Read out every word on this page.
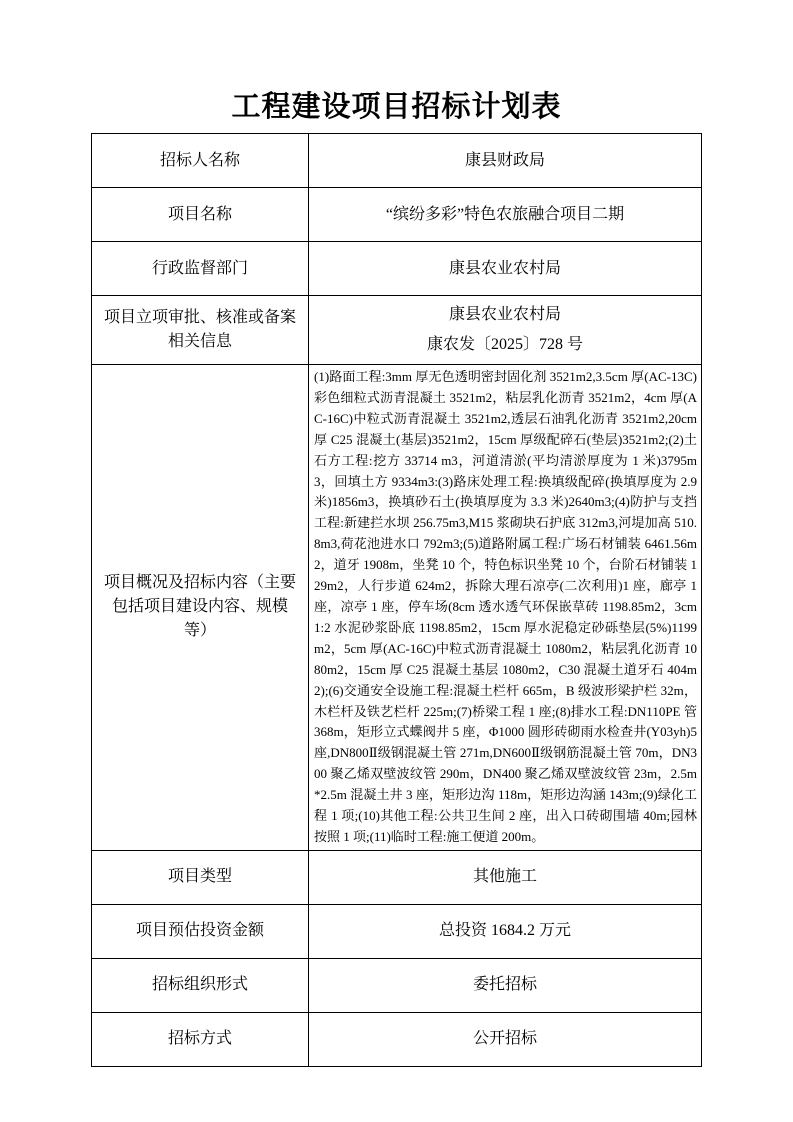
工程建设项目招标计划表
招标人名称	康县财政局
项目名称	“缤纷多彩”特色农旅融合项目二期
行政监督部门	康县农业农村局
项目立项审批、核准或备案相关信息	康县农业农村局
康农发〔2025〕728 号

项目概况及招标内容（主要包括项目建设内容、规模等）	(1)路面工程:3mm 厚无色透明密封固化剂 3521m2,3.5cm 厚(AC-13C)彩色细粒式沥青混凝土 3521m2，粘层乳化沥青 3521m2，4cm 厚(AC-16C)中粒式沥青混凝土 3521m2,透层石油乳化沥青 3521m2,20cm 厚 C25 混凝土(基层)3521m2，15cm 厚级配碎石(垫层)3521m2;(2)土石方工程:挖方 33714 m3，河道清淤(平均清淤厚度为 1 米)3795m3，回填土方 9334m3:(3)路床处理工程:换填级配碎(换填厚度为 2.9 米)1856m3，换填砂石土(换填厚度为 3.3 米)2640m3;(4)防护与支挡工程:新建拦水坝 256.75m3,M15 浆砌块石护底 312m3,河堤加高 510.8m3,荷花池进水口 792m3;(5)道路附属工程:广场石材铺装 6461.56m2，道牙 1908m，坐凳 10 个，特色标识坐凳 10 个，台阶石材铺装 129m2，人行步道 624m2，拆除大理石凉亭(二次利用)1 座，廊亭 1 座，凉亭 1 座，停车场(8cm 透水透气环保嵌草砖 1198.85m2，3cm1:2 水泥砂浆卧底 1198.85m2，15cm 厚水泥稳定砂砾垫层(5%)1199m2，5cm 厚(AC-16C)中粒式沥青混凝土 1080m2，粘层乳化沥青 1080m2，15cm 厚 C25 混凝土基层 1080m2，C30 混凝土道牙石 404m2);(6)交通安全设施工程:混凝土栏杆 665m，B 级波形梁护栏 32m，木栏杆及铁艺栏杆 225m;(7)桥梁工程 1 座;(8)排水工程:DN110PE 管 368m，矩形立式蝶阀井 5 座，Φ1000 圆形砖砌雨水检查井(Y03yh)5 座,DN800Ⅱ级钢混凝土管 271m,DN600Ⅱ级钢筋混凝土管 70m，DN300 聚乙烯双壁波纹管 290m，DN400 聚乙烯双壁波纹管 23m，2.5m*2.5m 混凝土井 3 座，矩形边沟 118m，矩形边沟涵 143m;(9)绿化工程 1 项;(10)其他工程:公共卫生间 2 座，出入口砖砌围墙 40m;园林按照 1 项;(11)临时工程:施工便道 200m。
项目类型	其他施工
项目预估投资金额	总投资 1684.2 万元
招标组织形式	委托招标
招标方式	公开招标
